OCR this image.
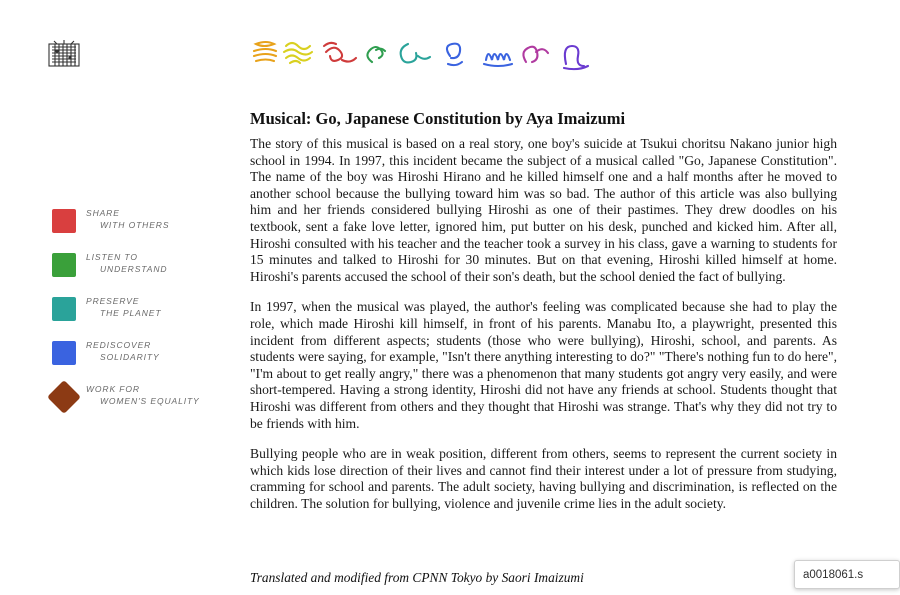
SHARE
WITH OTHERS
LISTEN TO
UNDERSTAND
PRESERVE
THE PLANET
REDISCOVER
SOLIDARITY
WORK FOR
WOMEN'S EQUALITY
Musical: Go, Japanese Constitution by Aya Imaizumi

The story of this musical is based on a real story, one boy's suicide at Tsukui choritsu Nakano junior high school in 1994. In 1997, this incident became the subject of a musical called "Go, Japanese Constitution". The name of the boy was Hiroshi Hirano and he killed himself one and a half months after he moved to another school because the bullying toward him was so bad. The author of this article was also bullying him and her friends considered bullying Hiroshi as one of their pastimes. They drew doodles on his textbook, sent a fake love letter, ignored him, put butter on his desk, punched and kicked him. After all, Hiroshi consulted with his teacher and the teacher took a survey in his class, gave a warning to students for 15 minutes and talked to Hiroshi for 30 minutes. But on that evening, Hiroshi killed himself at home. Hiroshi's parents accused the school of their son's death, but the school denied the fact of bullying.

In 1997, when the musical was played, the author's feeling was complicated because she had to play the role, which made Hiroshi kill himself, in front of his parents. Manabu Ito, a playwright, presented this incident from different aspects; students (those who were bullying), Hiroshi, school, and parents. As students were saying, for example, "Isn't there anything interesting to do?" "There's nothing fun to do here", "I'm about to get really angry," there was a phenomenon that many students got angry very easily, and were short-tempered. Having a strong identity, Hiroshi did not have any friends at school. Students thought that Hiroshi was different from others and they thought that Hiroshi was strange. That's why they did not try to be friends with him.

Bullying people who are in weak position, different from others, seems to represent the current society in which kids lose direction of their lives and cannot find their interest under a lot of pressure from studying, cramming for school and parents. The adult society, having bullying and discrimination, is reflected on the children. The solution for bullying, violence and juvenile crime lies in the adult society.

Translated and modified from CPNN Tokyo by Saori Imaizumi	a0018061.s
